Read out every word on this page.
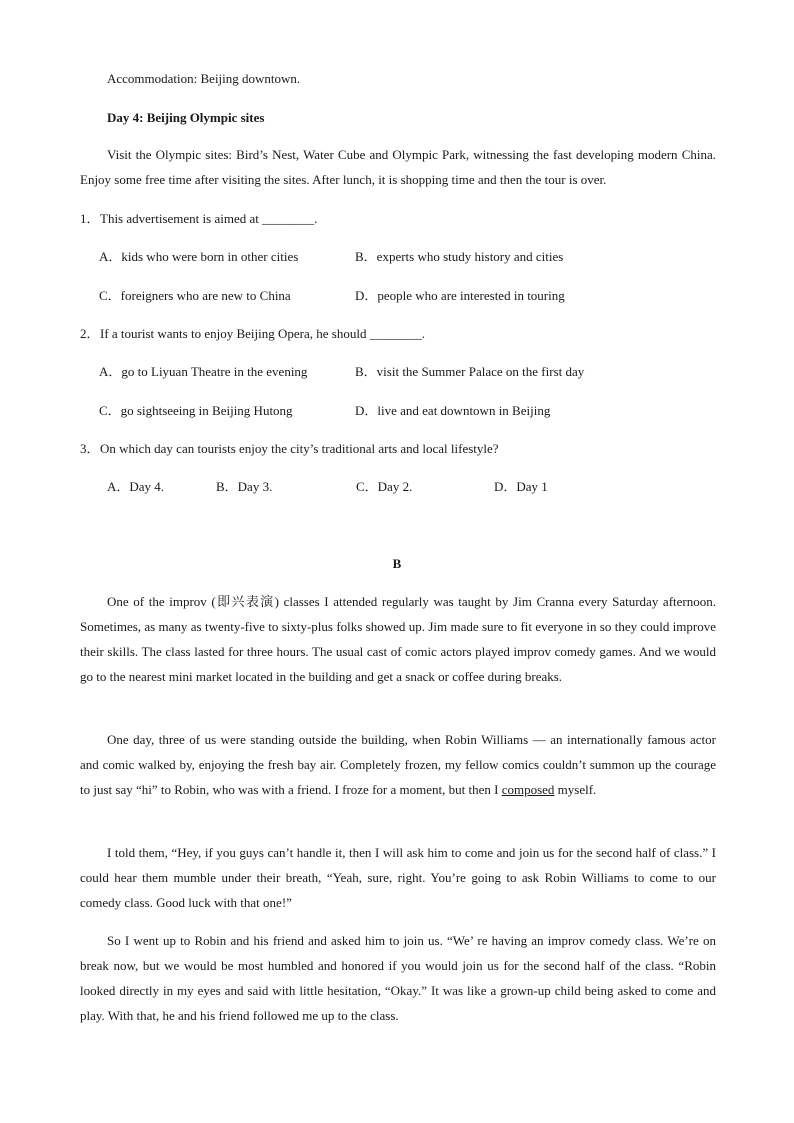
Accommodation: Beijing downtown.
Day 4: Beijing Olympic sites

Visit the Olympic sites: Bird’s Nest, Water Cube and Olympic Park, witnessing the fast developing modern China. Enjoy some free time after visiting the sites. After lunch, it is shopping time and then the tour is over.

1．This advertisement is aimed at ________.
A．kids who were born in other cities	B．experts who study history and cities
C．foreigners who are new to China	D．people who are interested in touring
2．If a tourist wants to enjoy Beijing Opera, he should ________.
A．go to Liyuan Theatre in the evening	B．visit the Summer Palace on the first day
C．go sightseeing in Beijing Hutong	D．live and eat downtown in Beijing
3．On which day can tourists enjoy the city’s traditional arts and local lifestyle?
A．Day 4.	B．Day 3.	C．Day 2.	D．Day 1
B

One of the improv (即兴表演) classes I attended regularly was taught by Jim Cranna every Saturday afternoon. Sometimes, as many as twenty-five to sixty-plus folks showed up. Jim made sure to fit everyone in so they could improve their skills. The class lasted for three hours. The usual cast of comic actors played improv comedy games. And we would go to the nearest mini market located in the building and get a snack or coffee during breaks.

One day, three of us were standing outside the building, when Robin Williams — an internationally famous actor and comic walked by, enjoying the fresh bay air. Completely frozen, my fellow comics couldn’t summon up the courage to just say “hi” to Robin, who was with a friend. I froze for a moment, but then I composed myself.

I told them, “Hey, if you guys can’t handle it, then I will ask him to come and join us for the second half of class.” I could hear them mumble under their breath, “Yeah, sure, right. You’re going to ask Robin Williams to come to our comedy class. Good luck with that one!”

So I went up to Robin and his friend and asked him to join us. “We’ re having an improv comedy class. We’re on break now, but we would be most humbled and honored if you would join us for the second half of the class. “Robin looked directly in my eyes and said with little hesitation, “Okay.” It was like a grown-up child being asked to come and play. With that, he and his friend followed me up to the class.
